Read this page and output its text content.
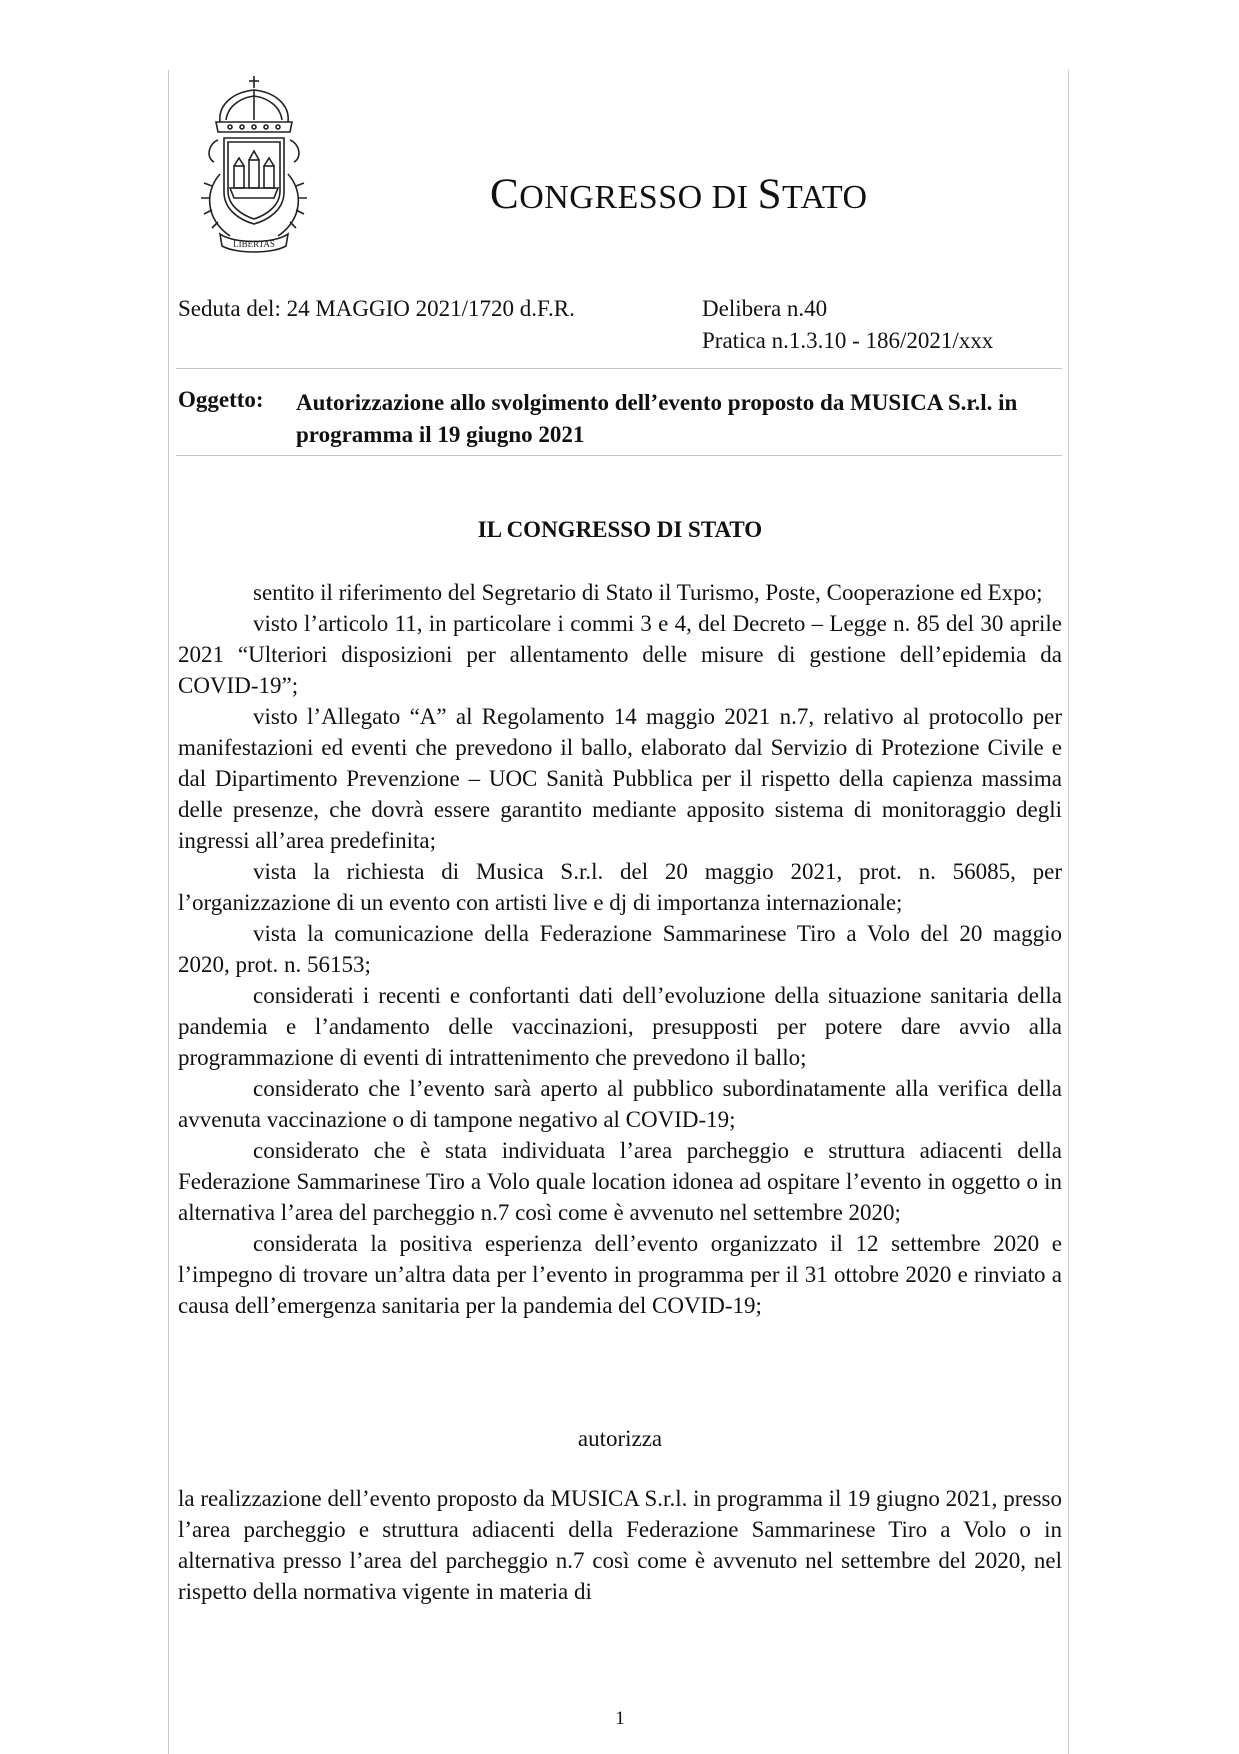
LIBERTAS
CONGRESSO DI STATO
Seduta del: 24 MAGGIO 2021/1720 d.F.R.	Delibera n.40
Pratica n.1.3.10 - 186/2021/xxx
Oggetto: Autorizzazione allo svolgimento dell’evento proposto da MUSICA S.r.l. in programma il 19 giugno 2021
IL CONGRESSO DI STATO

sentito il riferimento del Segretario di Stato il Turismo, Poste, Cooperazione ed Expo;

visto l’articolo 11, in particolare i commi 3 e 4, del Decreto – Legge n. 85 del 30 aprile 2021 “Ulteriori disposizioni per allentamento delle misure di gestione dell’epidemia da COVID-19”;

visto l’Allegato “A” al Regolamento 14 maggio 2021 n.7, relativo al protocollo per manifestazioni ed eventi che prevedono il ballo, elaborato dal Servizio di Protezione Civile e dal Dipartimento Prevenzione – UOC Sanità Pubblica per il rispetto della capienza massima delle presenze, che dovrà essere garantito mediante apposito sistema di monitoraggio degli ingressi all’area predefinita;

vista la richiesta di Musica S.r.l. del 20 maggio 2021, prot. n. 56085, per l’organizzazione di un evento con artisti live e dj di importanza internazionale;

vista la comunicazione della Federazione Sammarinese Tiro a Volo del 20 maggio 2020, prot. n. 56153;

considerati i recenti e confortanti dati dell’evoluzione della situazione sanitaria della pandemia e l’andamento delle vaccinazioni, presupposti per potere dare avvio alla programmazione di eventi di intrattenimento che prevedono il ballo;

considerato che l’evento sarà aperto al pubblico subordinatamente alla verifica della avvenuta vaccinazione o di tampone negativo al COVID-19;

considerato che è stata individuata l’area parcheggio e struttura adiacenti della Federazione Sammarinese Tiro a Volo quale location idonea ad ospitare l’evento in oggetto o in alternativa l’area del parcheggio n.7 così come è avvenuto nel settembre 2020;

considerata la positiva esperienza dell’evento organizzato il 12 settembre 2020 e l’impegno di trovare un’altra data per l’evento in programma per il 31 ottobre 2020 e rinviato a causa dell’emergenza sanitaria per la pandemia del COVID-19;

autorizza

la realizzazione dell’evento proposto da MUSICA S.r.l. in programma il 19 giugno 2021, presso l’area parcheggio e struttura adiacenti della Federazione Sammarinese Tiro a Volo o in alternativa presso l’area del parcheggio n.7 così come è avvenuto nel settembre del 2020, nel rispetto della normativa vigente in materia di

1
